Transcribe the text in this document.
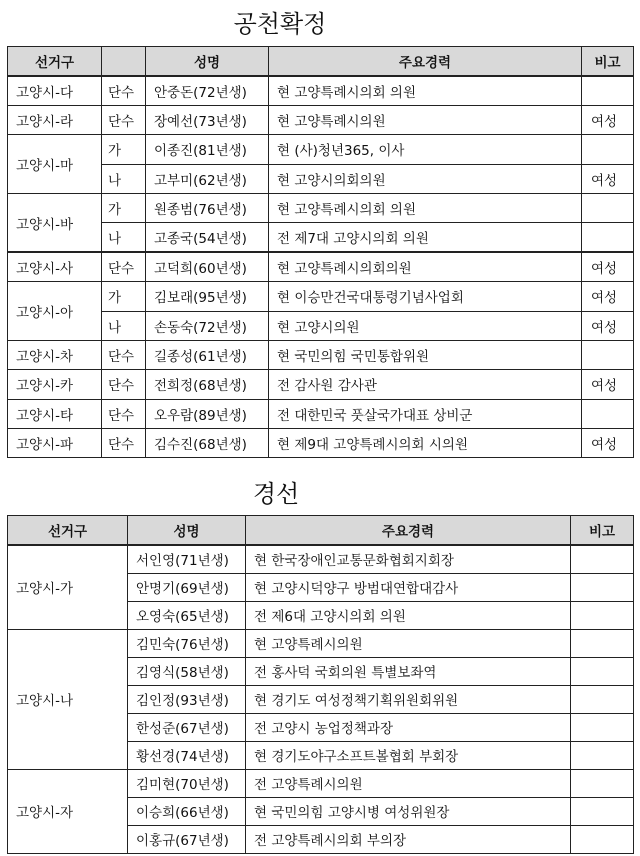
공천확정
선거구		성명	주요경력	비고
고양시-다	단수	안중돈(72년생)	현 고양특례시의회 의원	
고양시-라	단수	장예선(73년생)	현 고양특례시의원	여성
고양시-마	가	이종진(81년생)	현 (사)청년365, 이사	
	나	고부미(62년생)	현 고양시의회의원	여성
고양시-바	가	원종범(76년생)	현 고양특례시의회 의원	
	나	고종국(54년생)	전 제7대 고양시의회 의원	
고양시-사	단수	고덕희(60년생)	현 고양특례시의회의원	여성
고양시-아	가	김보래(95년생)	현 이승만건국대통령기념사업회	여성
	나	손동숙(72년생)	현 고양시의원	여성
고양시-차	단수	길종성(61년생)	현 국민의힘 국민통합위원	
고양시-카	단수	전희정(68년생)	전 감사원 감사관	여성
고양시-타	단수	오우람(89년생)	전 대한민국 풋살국가대표 상비군	
고양시-파	단수	김수진(68년생)	현 제9대 고양특례시의회 시의원	여성
경선
선거구	성명	주요경력	비고
고양시-가	서인영(71년생)	현 한국장애인교통문화협회지회장	
	안명기(69년생)	현 고양시덕양구 방범대연합대감사	
	오영숙(65년생)	전 제6대 고양시의회 의원	
고양시-나	김민숙(76년생)	현 고양특례시의원	
	김영식(58년생)	전 홍사덕 국회의원 특별보좌역	
	김인정(93년생)	현 경기도 여성정책기획위원회위원	
	한성준(67년생)	전 고양시 농업정책과장	
	황선경(74년생)	현 경기도야구소프트볼협회 부회장	
고양시-자	김미현(70년생)	전 고양특례시의원	
	이승희(66년생)	현 국민의힘 고양시병 여성위원장	
	이홍규(67년생)	전 고양특례시의회 부의장	
